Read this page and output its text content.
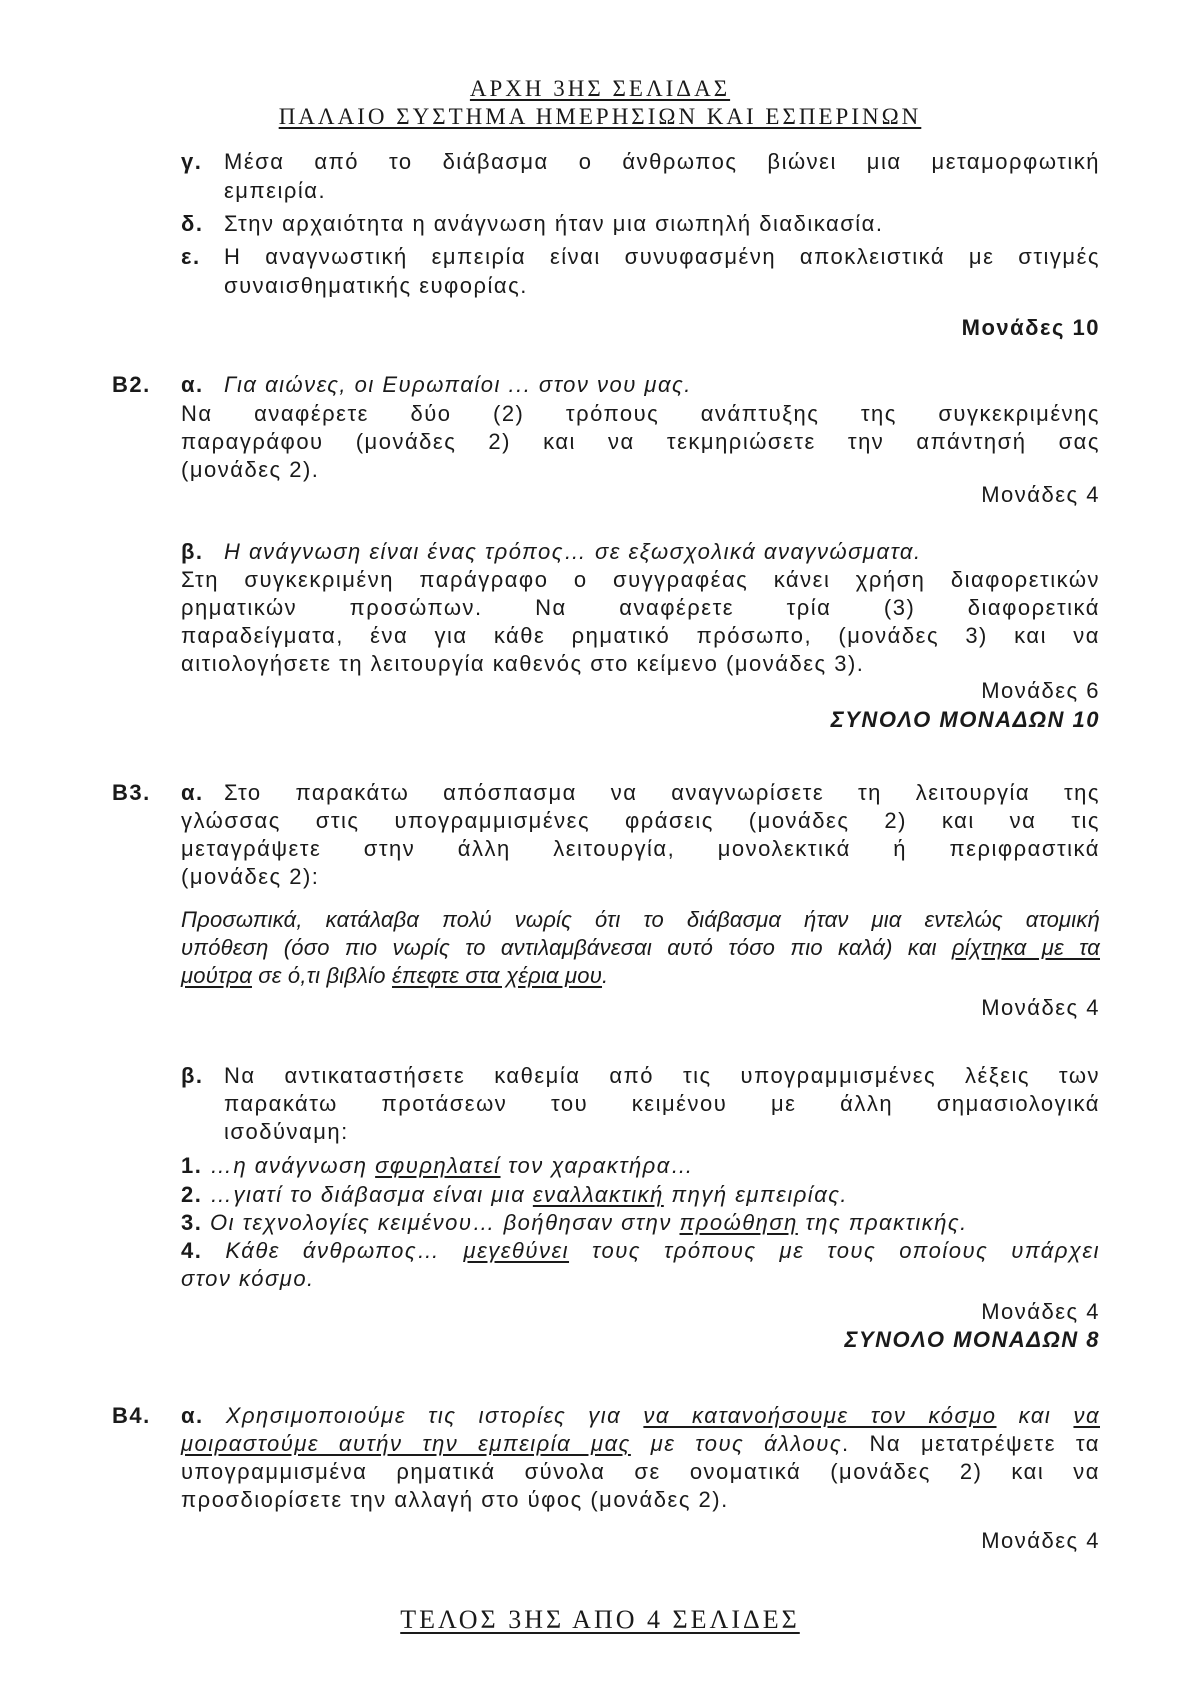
ΑΡΧΗ 3ΗΣ ΣΕΛΙΔΑΣ
ΠΑΛΑΙΟ ΣΥΣΤΗΜΑ ΗΜΕΡΗΣΙΩΝ ΚΑΙ ΕΣΠΕΡΙΝΩΝ
γ. Μέσα από το διάβασμα ο άνθρωπος βιώνει μια μεταμορφωτική
εμπειρία.
δ. Στην αρχαιότητα η ανάγνωση ήταν μια σιωπηλή διαδικασία.
ε. Η αναγνωστική εμπειρία είναι συνυφασμένη αποκλειστικά με στιγμές
συναισθηματικής ευφορίας.
Μονάδες 10
Β2. α. Για αιώνες, οι Ευρωπαίοι ... στον νου μας.
Να αναφέρετε δύο (2) τρόπους ανάπτυξης της συγκεκριμένης
παραγράφου (μονάδες 2) και να τεκμηριώσετε την απάντησή σας
(μονάδες 2).
Μονάδες 4
β. Η ανάγνωση είναι ένας τρόπος… σε εξωσχολικά αναγνώσματα.
Στη συγκεκριμένη παράγραφο ο συγγραφέας κάνει χρήση διαφορετικών
ρηματικών προσώπων. Να αναφέρετε τρία (3) διαφορετικά
παραδείγματα, ένα για κάθε ρηματικό πρόσωπο, (μονάδες 3) και να
αιτιολογήσετε τη λειτουργία καθενός στο κείμενο (μονάδες 3).
Μονάδες 6
ΣΥΝΟΛΟ ΜΟΝΑΔΩΝ 10
Β3. α. Στο παρακάτω απόσπασμα να αναγνωρίσετε τη λειτουργία της
γλώσσας στις υπογραμμισμένες φράσεις (μονάδες 2) και να τις
μεταγράψετε στην άλλη λειτουργία, μονολεκτικά ή περιφραστικά
(μονάδες 2):
Προσωπικά, κατάλαβα πολύ νωρίς ότι το διάβασμα ήταν μια εντελώς ατομική
υπόθεση (όσο πιο νωρίς το αντιλαμβάνεσαι αυτό τόσο πιο καλά) και ρίχτηκα με τα
μούτρα σε ό,τι βιβλίο έπεφτε στα χέρια μου.
Μονάδες 4
β. Να αντικαταστήσετε καθεμία από τις υπογραμμισμένες λέξεις των
παρακάτω προτάσεων του κειμένου με άλλη σημασιολογικά
ισοδύναμη:
1. …η ανάγνωση σφυρηλατεί τον χαρακτήρα…
2. …γιατί το διάβασμα είναι μια εναλλακτική πηγή εμπειρίας.
3. Οι τεχνολογίες κειμένου… βοήθησαν στην προώθηση της πρακτικής.
4. Κάθε άνθρωπος… μεγεθύνει τους τρόπους με τους οποίους υπάρχει
στον κόσμο.
Μονάδες 4
ΣΥΝΟΛΟ ΜΟΝΑΔΩΝ 8
Β4. α. Χρησιμοποιούμε τις ιστορίες για να κατανοήσουμε τον κόσμο και να
μοιραστούμε αυτήν την εμπειρία μας με τους άλλους. Να μετατρέψετε τα
υπογραμμισμένα ρηματικά σύνολα σε ονοματικά (μονάδες 2) και να
προσδιορίσετε την αλλαγή στο ύφος (μονάδες 2).
Μονάδες 4
ΤΕΛΟΣ 3ΗΣ ΑΠΟ 4 ΣΕΛΙΔΕΣ
